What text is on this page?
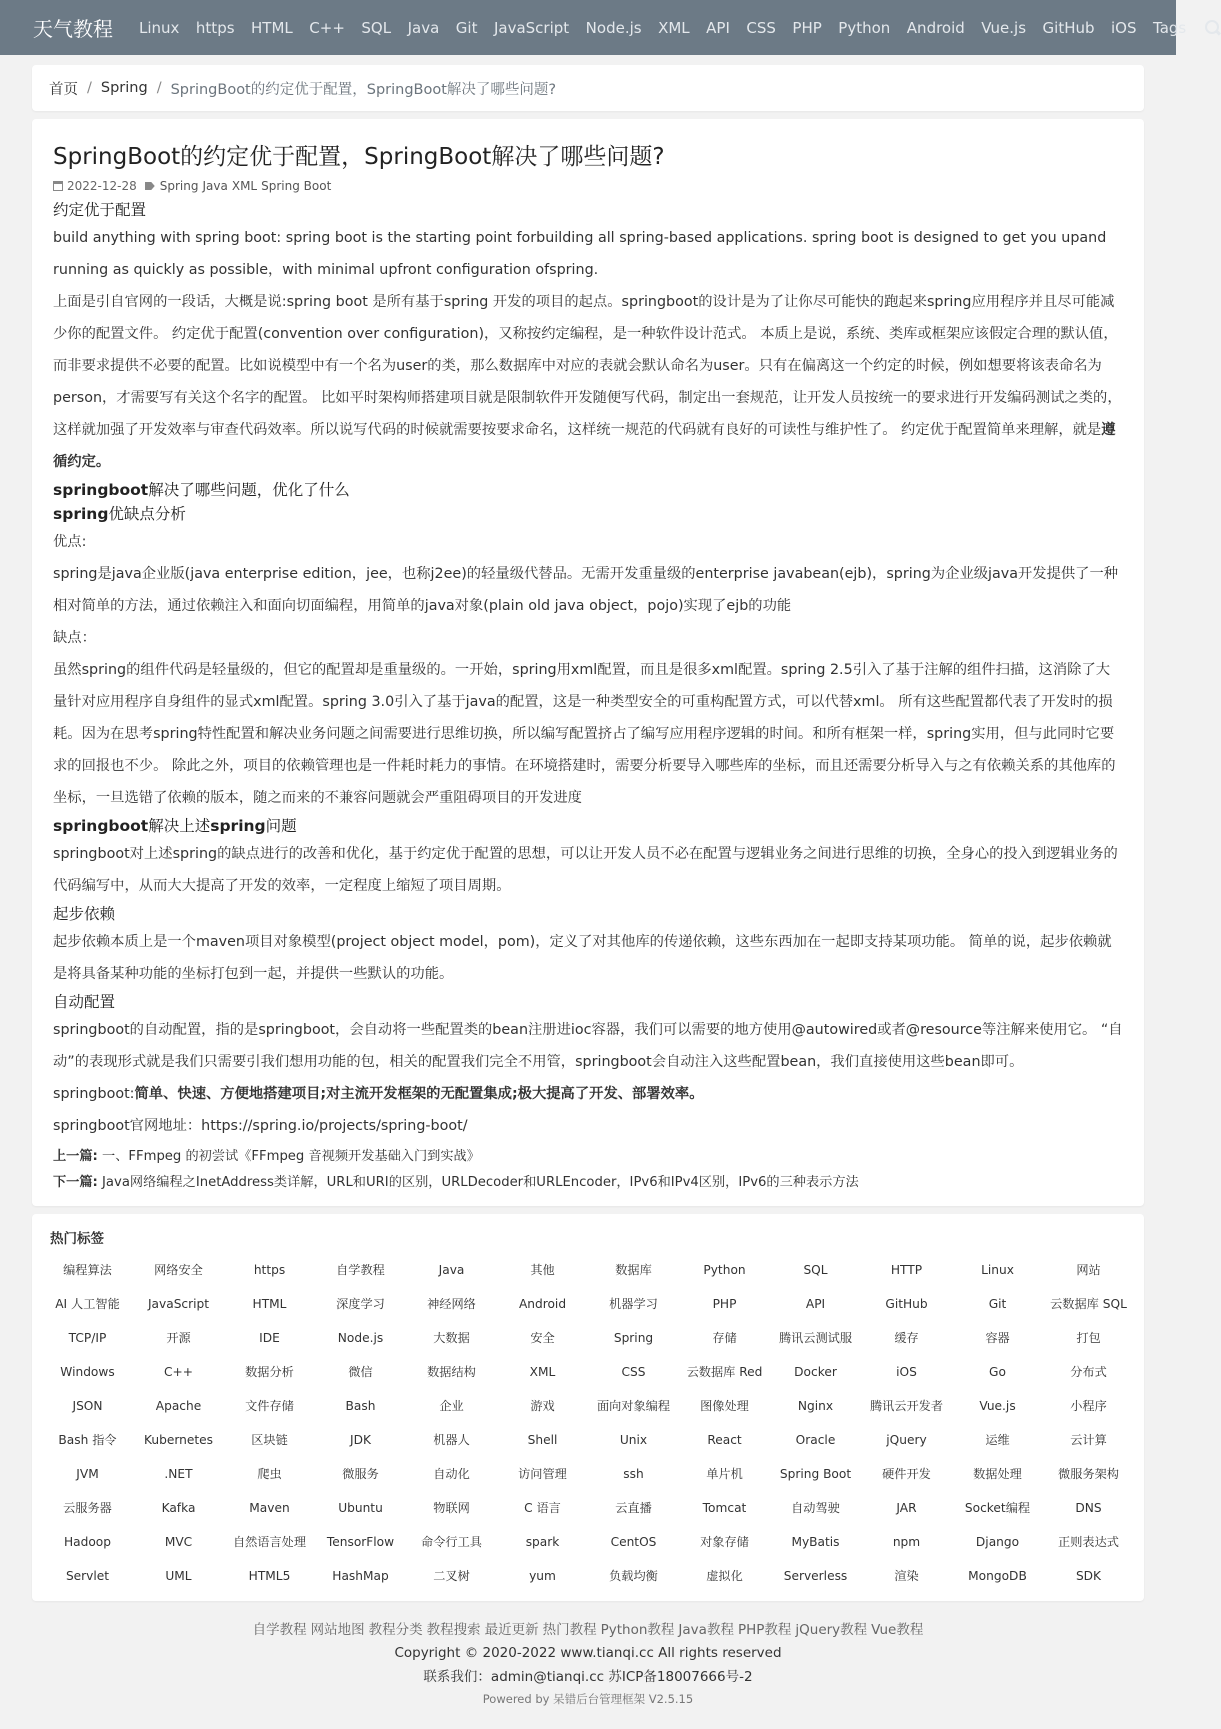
天气教程 Linux https HTML C++ SQL Java Git JavaScript Node.js XML API CSS PHP Python Android Vue.js GitHub iOS Tags
首页 / Spring / SpringBoot的约定优于配置，SpringBoot解决了哪些问题?
SpringBoot的约定优于配置，SpringBoot解决了哪些问题?
2022-12-28 Spring Java XML Spring Boot
约定优于配置

build anything with spring boot: spring boot is the starting point forbuilding all spring-based applications. spring boot is designed to get you upand running as quickly as possible，with minimal upfront configuration ofspring.

上面是引自官网的一段话，大概是说:spring boot 是所有基于spring 开发的项目的起点。springboot的设计是为了让你尽可能快的跑起来spring应用程序并且尽可能减少你的配置文件。 约定优于配置(convention over configuration)，又称按约定编程，是一种软件设计范式。 本质上是说，系统、类库或框架应该假定合理的默认值，而非要求提供不必要的配置。比如说模型中有一个名为user的类，那么数据库中对应的表就会默认命名为user。只有在偏离这一个约定的时候，例如想要将该表命名为person，才需要写有关这个名字的配置。 比如平时架构师搭建项目就是限制软件开发随便写代码，制定出一套规范，让开发人员按统一的要求进行开发编码测试之类的，这样就加强了开发效率与审查代码效率。所以说写代码的时候就需要按要求命名，这样统一规范的代码就有良好的可读性与维护性了。 约定优于配置简单来理解，就是遵循约定。

springboot解决了哪些问题，优化了什么
spring优缺点分析

优点:

spring是java企业版(java enterprise edition，jee，也称j2ee)的轻量级代替品。无需开发重量级的enterprise javabean(ejb)，spring为企业级java开发提供了一种相对简单的方法，通过依赖注入和面向切面编程，用简单的java对象(plain old java object，pojo)实现了ejb的功能

缺点：

虽然spring的组件代码是轻量级的，但它的配置却是重量级的。一开始，spring用xml配置，而且是很多xml配置。spring 2.5引入了基于注解的组件扫描，这消除了大量针对应用程序自身组件的显式xml配置。spring 3.0引入了基于java的配置，这是一种类型安全的可重构配置方式，可以代替xml。 所有这些配置都代表了开发时的损耗。因为在思考spring特性配置和解决业务问题之间需要进行思维切换，所以编写配置挤占了编写应用程序逻辑的时间。和所有框架一样，spring实用，但与此同时它要求的回报也不少。 除此之外，项目的依赖管理也是一件耗时耗力的事情。在环境搭建时，需要分析要导入哪些库的坐标，而且还需要分析导入与之有依赖关系的其他库的坐标，一旦选错了依赖的版本，随之而来的不兼容问题就会严重阻碍项目的开发进度

springboot解决上述spring问题

springboot对上述spring的缺点进行的改善和优化，基于约定优于配置的思想，可以让开发人员不必在配置与逻辑业务之间进行思维的切换，全身心的投入到逻辑业务的代码编写中，从而大大提高了开发的效率，一定程度上缩短了项目周期。

起步依赖

起步依赖本质上是一个maven项目对象模型(project object model，pom)，定义了对其他库的传递依赖，这些东西加在一起即支持某项功能。 简单的说，起步依赖就是将具备某种功能的坐标打包到一起，并提供一些默认的功能。

自动配置

springboot的自动配置，指的是springboot，会自动将一些配置类的bean注册进ioc容器，我们可以需要的地方使用@autowired或者@resource等注解来使用它。 “自动”的表现形式就是我们只需要引我们想用功能的包，相关的配置我们完全不用管，springboot会自动注入这些配置bean，我们直接使用这些bean即可。

springboot:简单、快速、方便地搭建项目;对主流开发框架的无配置集成;极大提高了开发、部署效率。

springboot官网地址：https://spring.io/projects/spring-boot/

上一篇: 一、FFmpeg 的初尝试《FFmpeg 音视频开发基础入门到实战》
下一篇: Java网络编程之InetAddress类详解，URL和URI的区别，URLDecoder和URLEncoder，IPv6和IPv4区别，IPv6的三种表示方法
热门标签
编程算法	网络安全	https	自学教程	Java	其他	数据库	Python	SQL	HTTP	Linux	网站
AI 人工智能	JavaScript	HTML	深度学习	神经网络	Android	机器学习	PHP	API	GitHub	Git	云数据库 SQL
TCP/IP	开源	IDE	Node.js	大数据	安全	Spring	存储	腾讯云测试服	缓存	容器	打包
Windows	C++	数据分析	微信	数据结构	XML	CSS	云数据库 Red	Docker	iOS	Go	分布式
JSON	Apache	文件存储	Bash	企业	游戏	面向对象编程	图像处理	Nginx	腾讯云开发者	Vue.js	小程序
Bash 指令	Kubernetes	区块链	JDK	机器人	Shell	Unix	React	Oracle	jQuery	运维	云计算
JVM	.NET	爬虫	微服务	自动化	访问管理	ssh	单片机	Spring Boot	硬件开发	数据处理	微服务架构
云服务器	Kafka	Maven	Ubuntu	物联网	C 语言	云直播	Tomcat	自动驾驶	JAR	Socket编程	DNS
Hadoop	MVC	自然语言处理	TensorFlow	命令行工具	spark	CentOS	对象存储	MyBatis	npm	Django	正则表达式
Servlet	UML	HTML5	HashMap	二叉树	yum	负载均衡	虚拟化	Serverless	渲染	MongoDB	SDK
自学教程 网站地图 教程分类 教程搜索 最近更新 热门教程 Python教程 Java教程 PHP教程 jQuery教程 Vue教程
Copyright © 2020-2022 www.tianqi.cc All rights reserved
联系我们：admin@tianqi.cc 苏ICP备18007666号-2
Powered by 呆错后台管理框架 V2.5.15
